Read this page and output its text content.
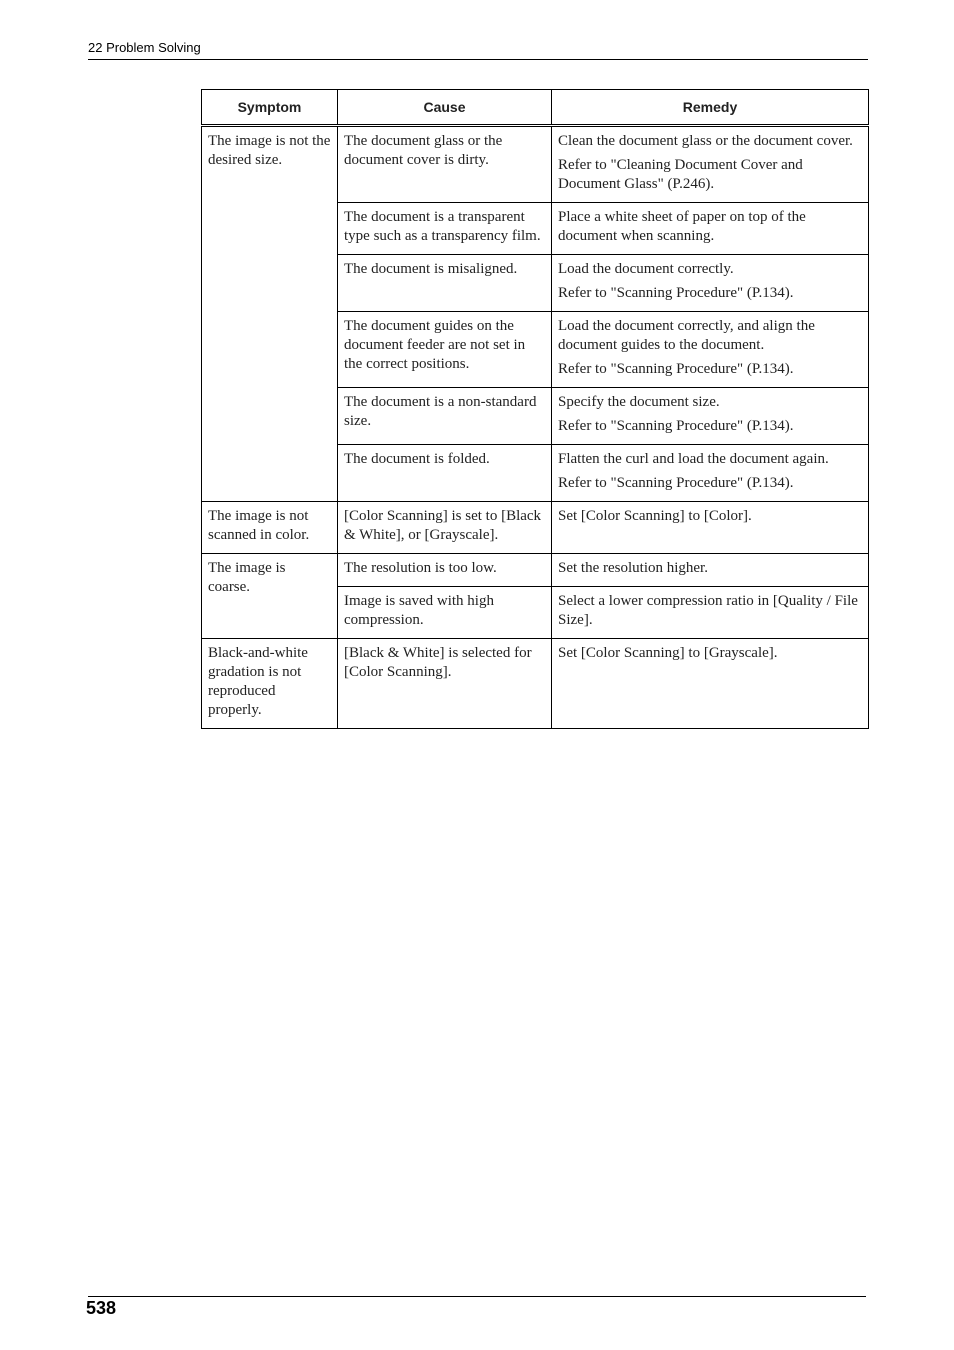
22 Problem Solving
Symptom	Cause	Remedy

The image is not the desired size.	The document glass or the document cover is dirty.	Clean the document glass or the document cover.

Refer to "Cleaning Document Cover and Document Glass" (P.246).

	The document is a transparent type such as a transparency film.	Place a white sheet of paper on top of the document when scanning.

	The document is misaligned.	Load the document correctly.

Refer to "Scanning Procedure" (P.134).

	The document guides on the document feeder are not set in the correct positions.	Load the document correctly, and align the document guides to the document.

Refer to "Scanning Procedure" (P.134).

	The document is a non-standard size.	Specify the document size.

Refer to "Scanning Procedure" (P.134).

	The document is folded.	Flatten the curl and load the document again.

Refer to "Scanning Procedure" (P.134).

The image is not scanned in color.	[Color Scanning] is set to [Black & White], or [Grayscale].	Set [Color Scanning] to [Color].

The image is coarse.	The resolution is too low.	Set the resolution higher.

	Image is saved with high compression.	Select a lower compression ratio in [Quality / File Size].

Black-and-white gradation is not reproduced properly.	[Black & White] is selected for [Color Scanning].	Set [Color Scanning] to [Grayscale].

538
